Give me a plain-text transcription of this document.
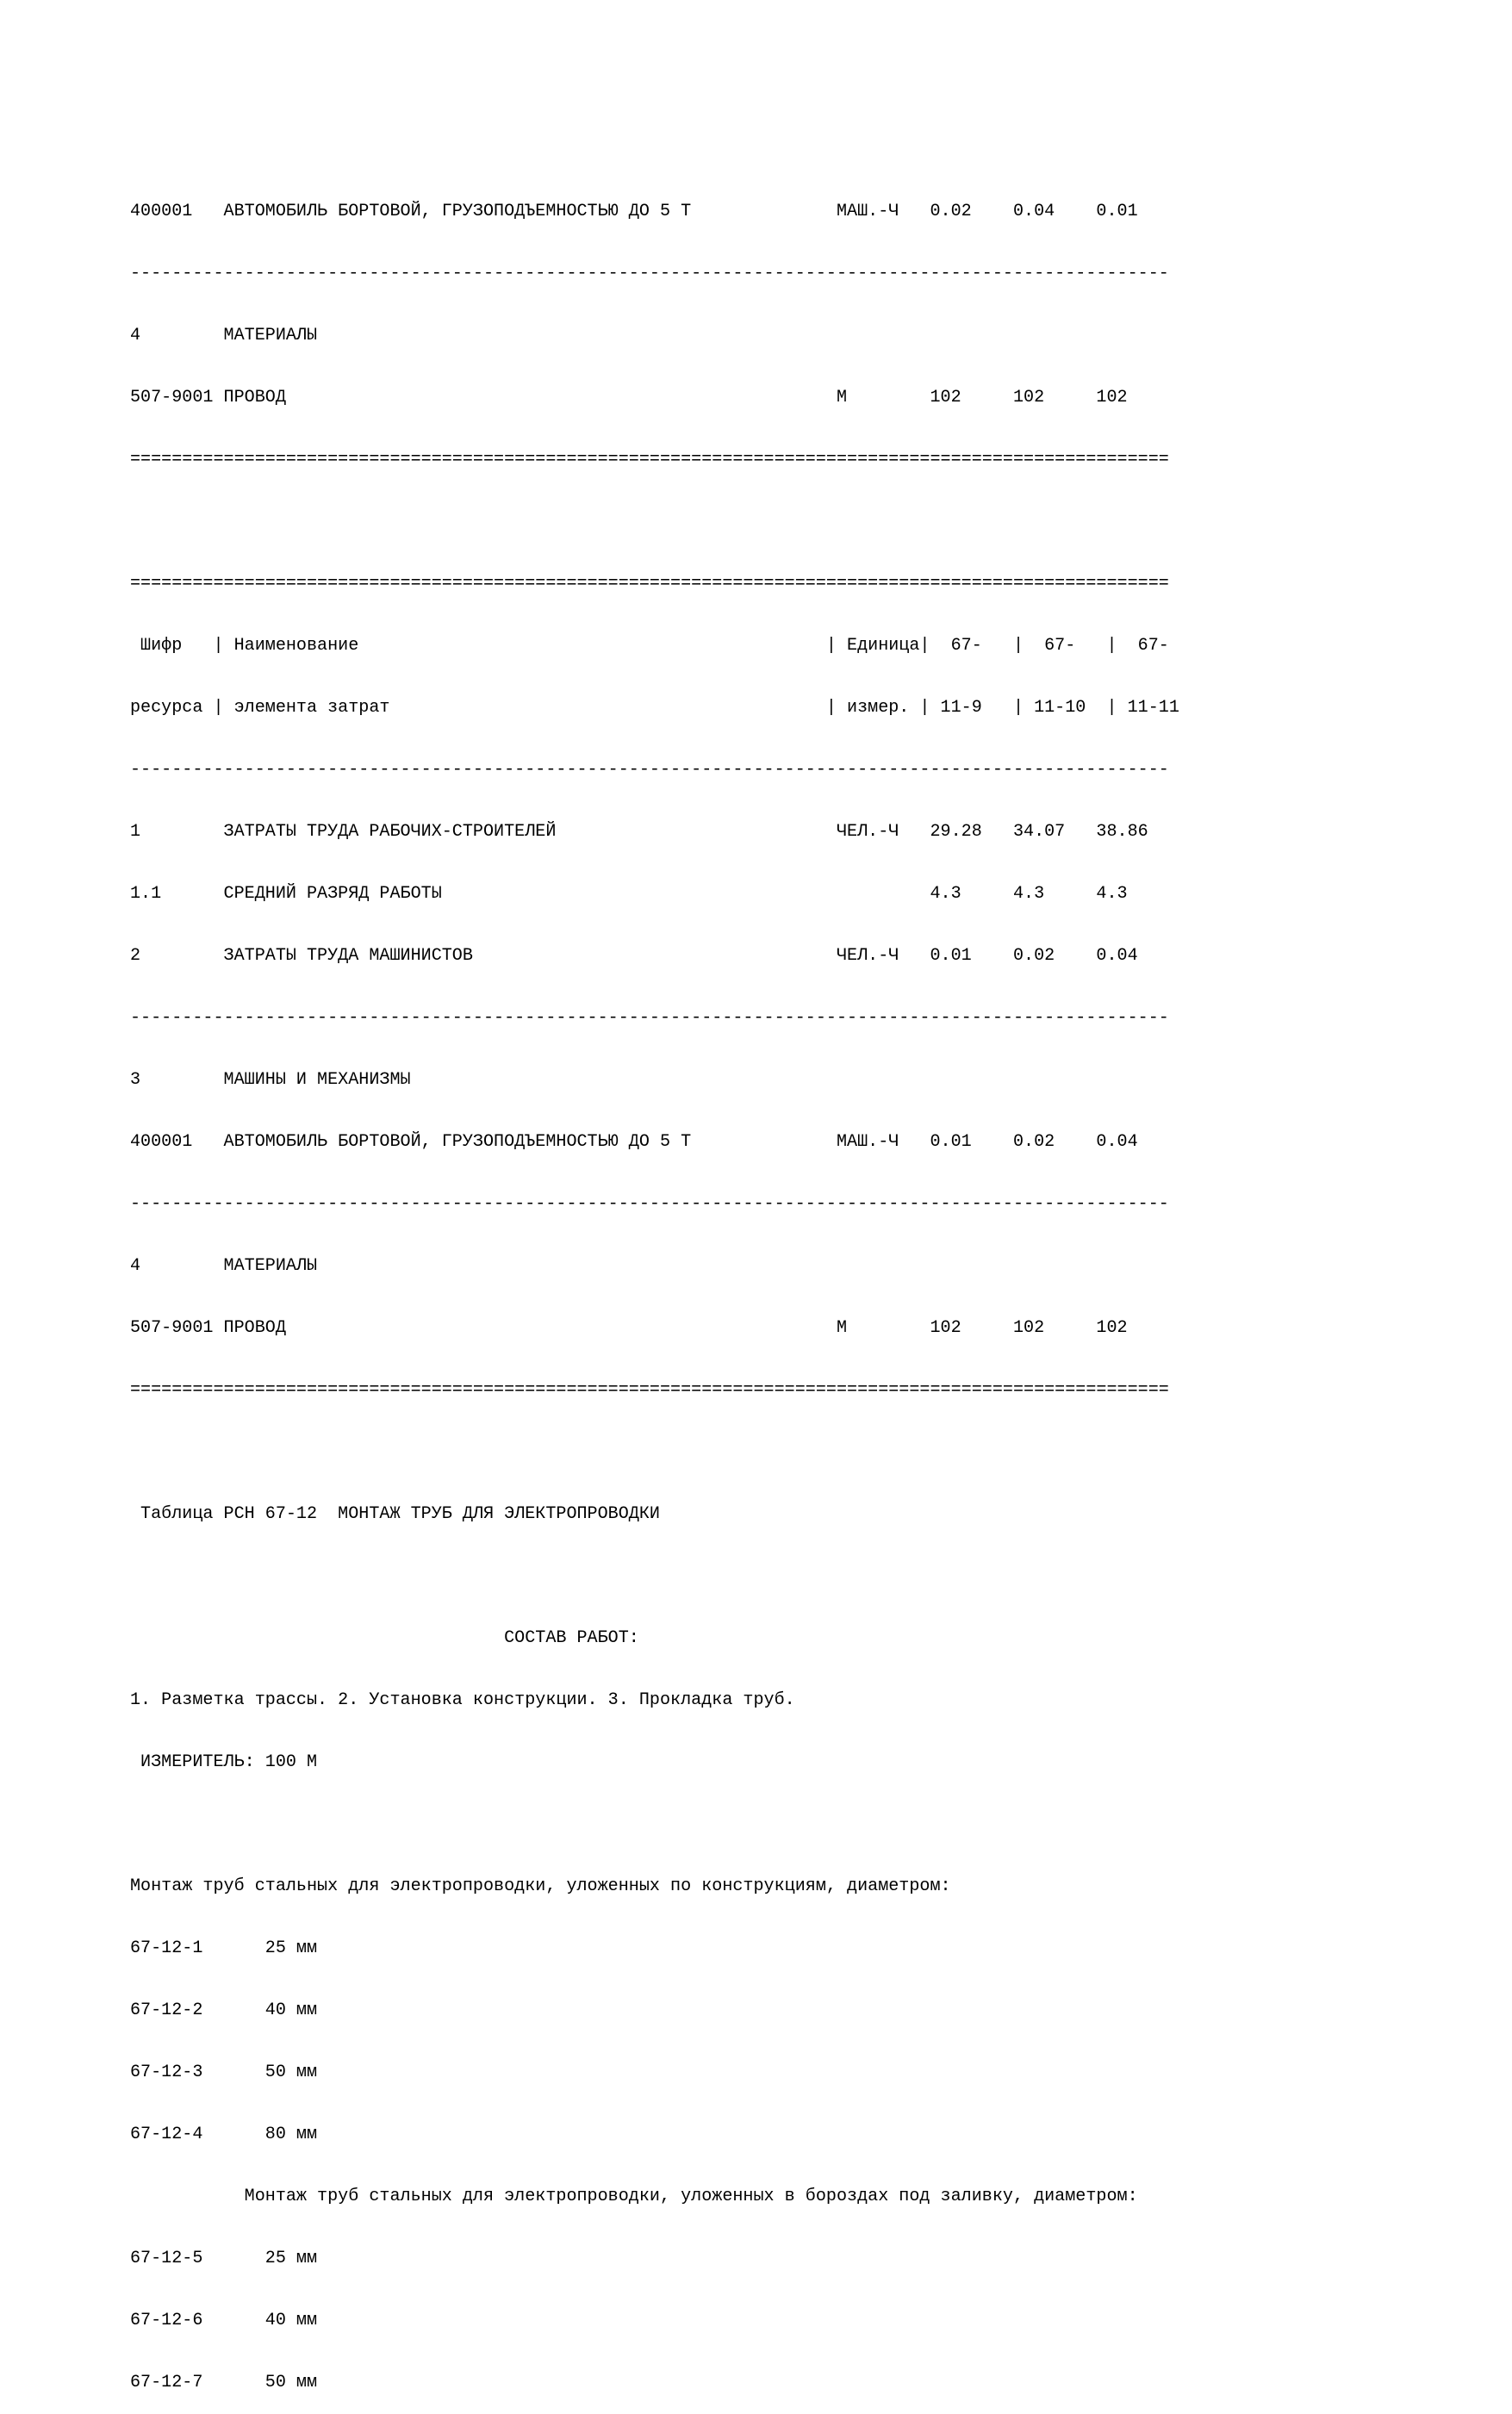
400001   АВТОМОБИЛЬ БОРТОВОЙ, ГРУЗОПОДЪЕМНОСТЬЮ ДО 5 Т              МАШ.-Ч   0.02    0.04    0.01

----------------------------------------------------------------------------------------------------

4        МАТЕРИАЛЫ

507-9001 ПРОВОД                                                     М        102     102     102

====================================================================================================

====================================================================================================

Шифр   | Наименование                                             | Единица|  67-   |  67-   |  67-

ресурса | элемента затрат                                          | измер. | 11-9   | 11-10  | 11-11

----------------------------------------------------------------------------------------------------

1        ЗАТРАТЫ ТРУДА РАБОЧИХ-СТРОИТЕЛЕЙ                           ЧЕЛ.-Ч   29.28   34.07   38.86

1.1      СРЕДНИЙ РАЗРЯД РАБОТЫ                                               4.3     4.3     4.3

2        ЗАТРАТЫ ТРУДА МАШИНИСТОВ                                   ЧЕЛ.-Ч   0.01    0.02    0.04

----------------------------------------------------------------------------------------------------

3        МАШИНЫ И МЕХАНИЗМЫ

400001   АВТОМОБИЛЬ БОРТОВОЙ, ГРУЗОПОДЪЕМНОСТЬЮ ДО 5 Т              МАШ.-Ч   0.01    0.02    0.04

----------------------------------------------------------------------------------------------------

4        МАТЕРИАЛЫ

507-9001 ПРОВОД                                                     М        102     102     102

====================================================================================================

Таблица РСН 67-12  МОНТАЖ ТРУБ ДЛЯ ЭЛЕКТРОПРОВОДКИ

СОСТАВ РАБОТ:

1. Разметка трассы. 2. Установка конструкции. 3. Прокладка труб.

ИЗМЕРИТЕЛЬ: 100 М

Монтаж труб стальных для электропроводки, уложенных по конструкциям, диаметром:

67-12-1      25 мм

67-12-2      40 мм

67-12-3      50 мм

67-12-4      80 мм

Монтаж труб стальных для электропроводки, уложенных в бороздах под заливку, диаметром:

67-12-5      25 мм

67-12-6      40 мм

67-12-7      50 мм
